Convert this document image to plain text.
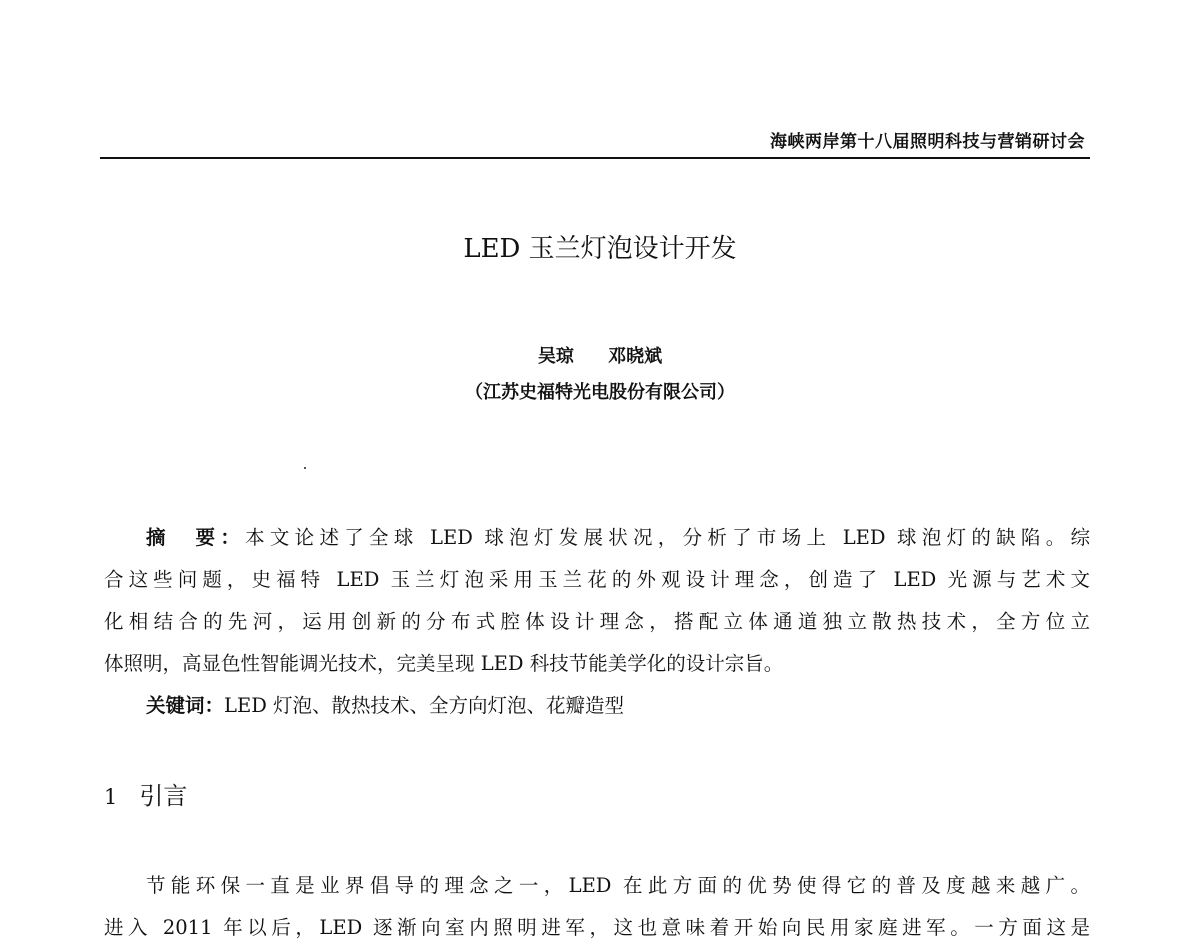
海峡两岸第十八届照明科技与营销研讨会
LED 玉兰灯泡设计开发
吴琼 邓晓斌
（江苏史福特光电股份有限公司）
摘　要：本文论述了全球 LED 球泡灯发展状况，分析了市场上 LED 球泡灯的缺陷。综
合这些问题，史福特 LED 玉兰灯泡采用玉兰花的外观设计理念，创造了 LED 光源与艺术文
化相结合的先河，运用创新的分布式腔体设计理念，搭配立体通道独立散热技术，全方位立
体照明，高显色性智能调光技术，完美呈现 LED 科技节能美学化的设计宗旨。
关键词：LED 灯泡、散热技术、全方向灯泡、花瓣造型
1 引言
节能环保一直是业界倡导的理念之一，LED 在此方面的优势使得它的普及度越来越广。
进入 2011 年以后，LED 逐渐向室内照明进军，这也意味着开始向民用家庭进军。一方面这是
